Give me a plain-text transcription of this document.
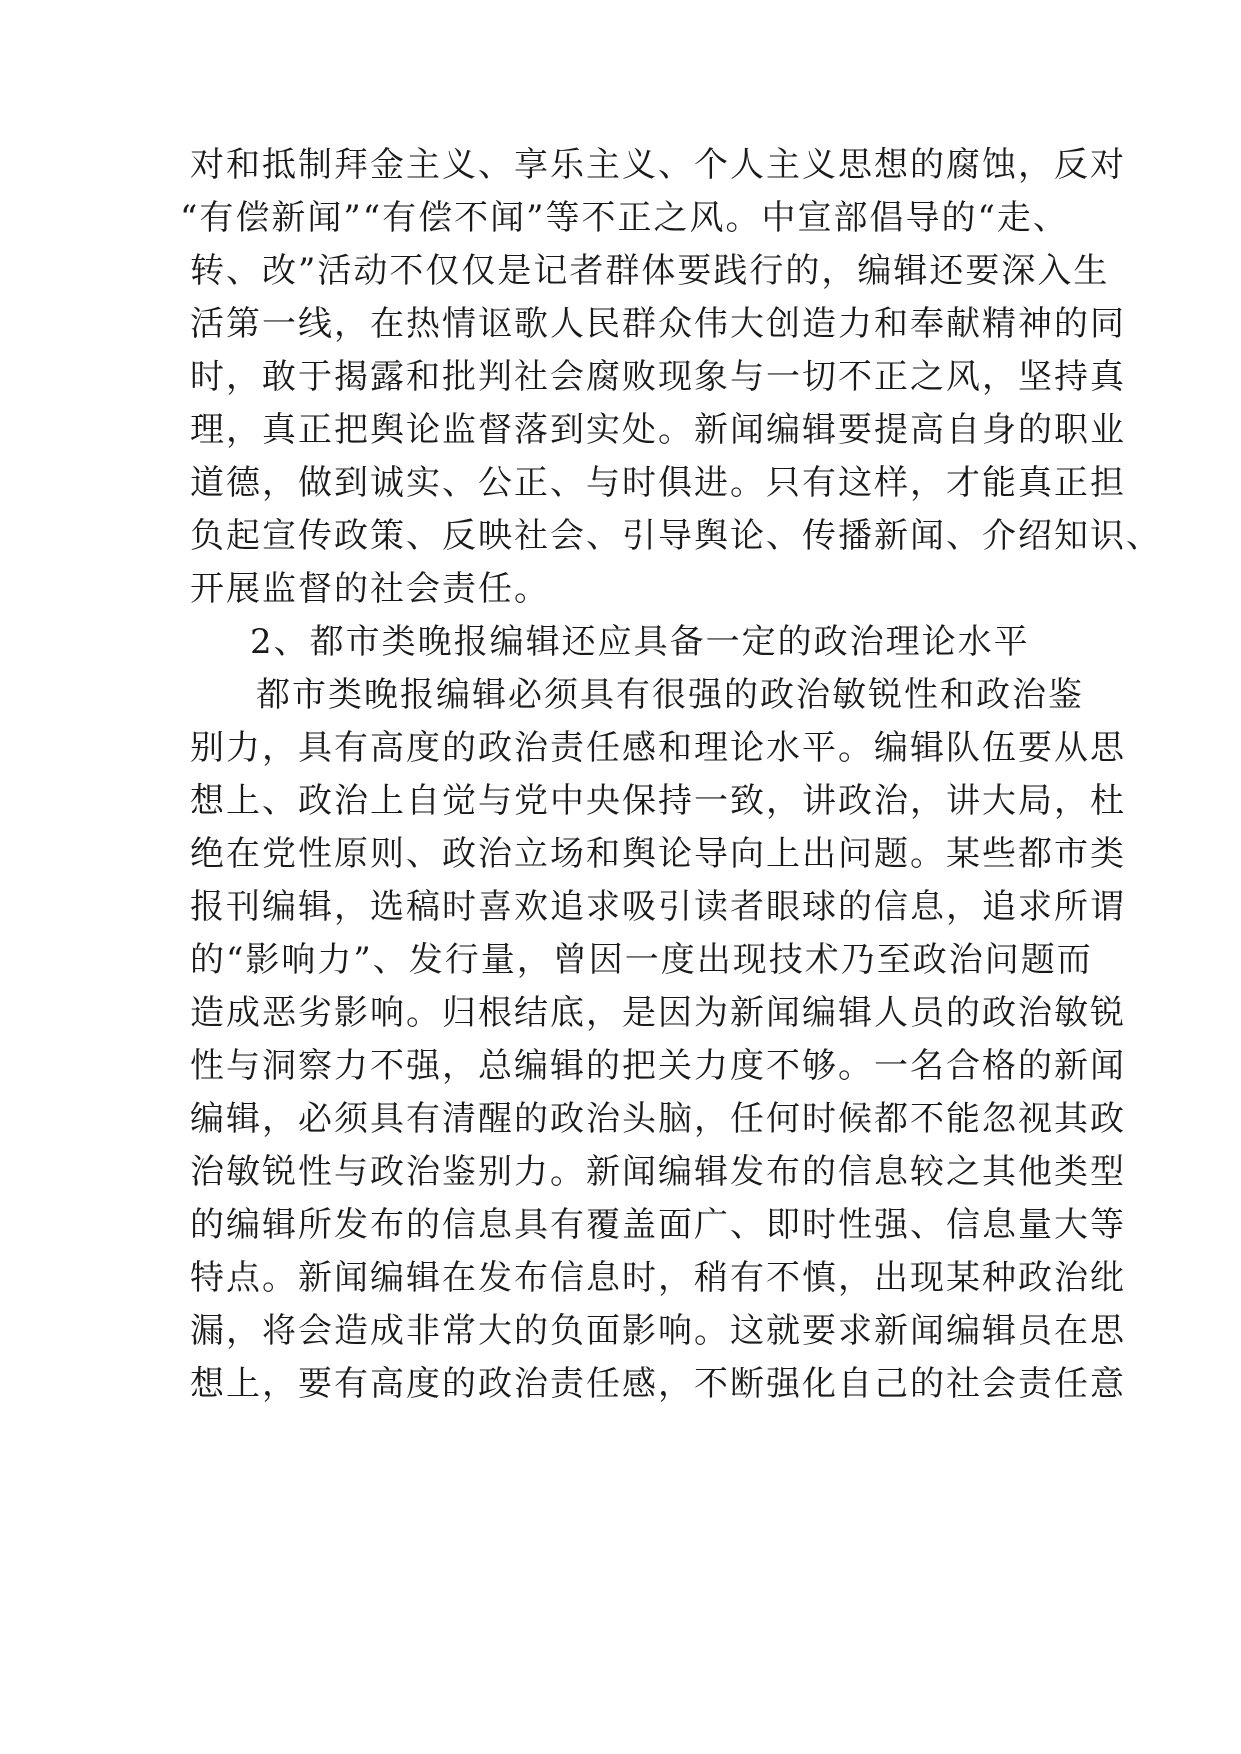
对和抵制拜金主义、享乐主义、个人主义思想的腐蚀，反对
“有偿新闻”“有偿不闻”等不正之风。中宣部倡导的“走、
转、改”活动不仅仅是记者群体要践行的，编辑还要深入生
活第一线，在热情讴歌人民群众伟大创造力和奉献精神的同
时，敢于揭露和批判社会腐败现象与一切不正之风，坚持真
理，真正把舆论监督落到实处。新闻编辑要提高自身的职业
道德，做到诚实、公正、与时俱进。只有这样，才能真正担
负起宣传政策、反映社会、引导舆论、传播新闻、介绍知识、
开展监督的社会责任。
2、都市类晚报编辑还应具备一定的政治理论水平
都市类晚报编辑必须具有很强的政治敏锐性和政治鉴
别力，具有高度的政治责任感和理论水平。编辑队伍要从思
想上、政治上自觉与党中央保持一致，讲政治，讲大局，杜
绝在党性原则、政治立场和舆论导向上出问题。某些都市类
报刊编辑，选稿时喜欢追求吸引读者眼球的信息，追求所谓
的“影响力”、发行量，曾因一度出现技术乃至政治问题而
造成恶劣影响。归根结底，是因为新闻编辑人员的政治敏锐
性与洞察力不强，总编辑的把关力度不够。一名合格的新闻
编辑，必须具有清醒的政治头脑，任何时候都不能忽视其政
治敏锐性与政治鉴别力。新闻编辑发布的信息较之其他类型
的编辑所发布的信息具有覆盖面广、即时性强、信息量大等
特点。新闻编辑在发布信息时，稍有不慎，出现某种政治纰
漏，将会造成非常大的负面影响。这就要求新闻编辑员在思
想上，要有高度的政治责任感，不断强化自己的社会责任意
